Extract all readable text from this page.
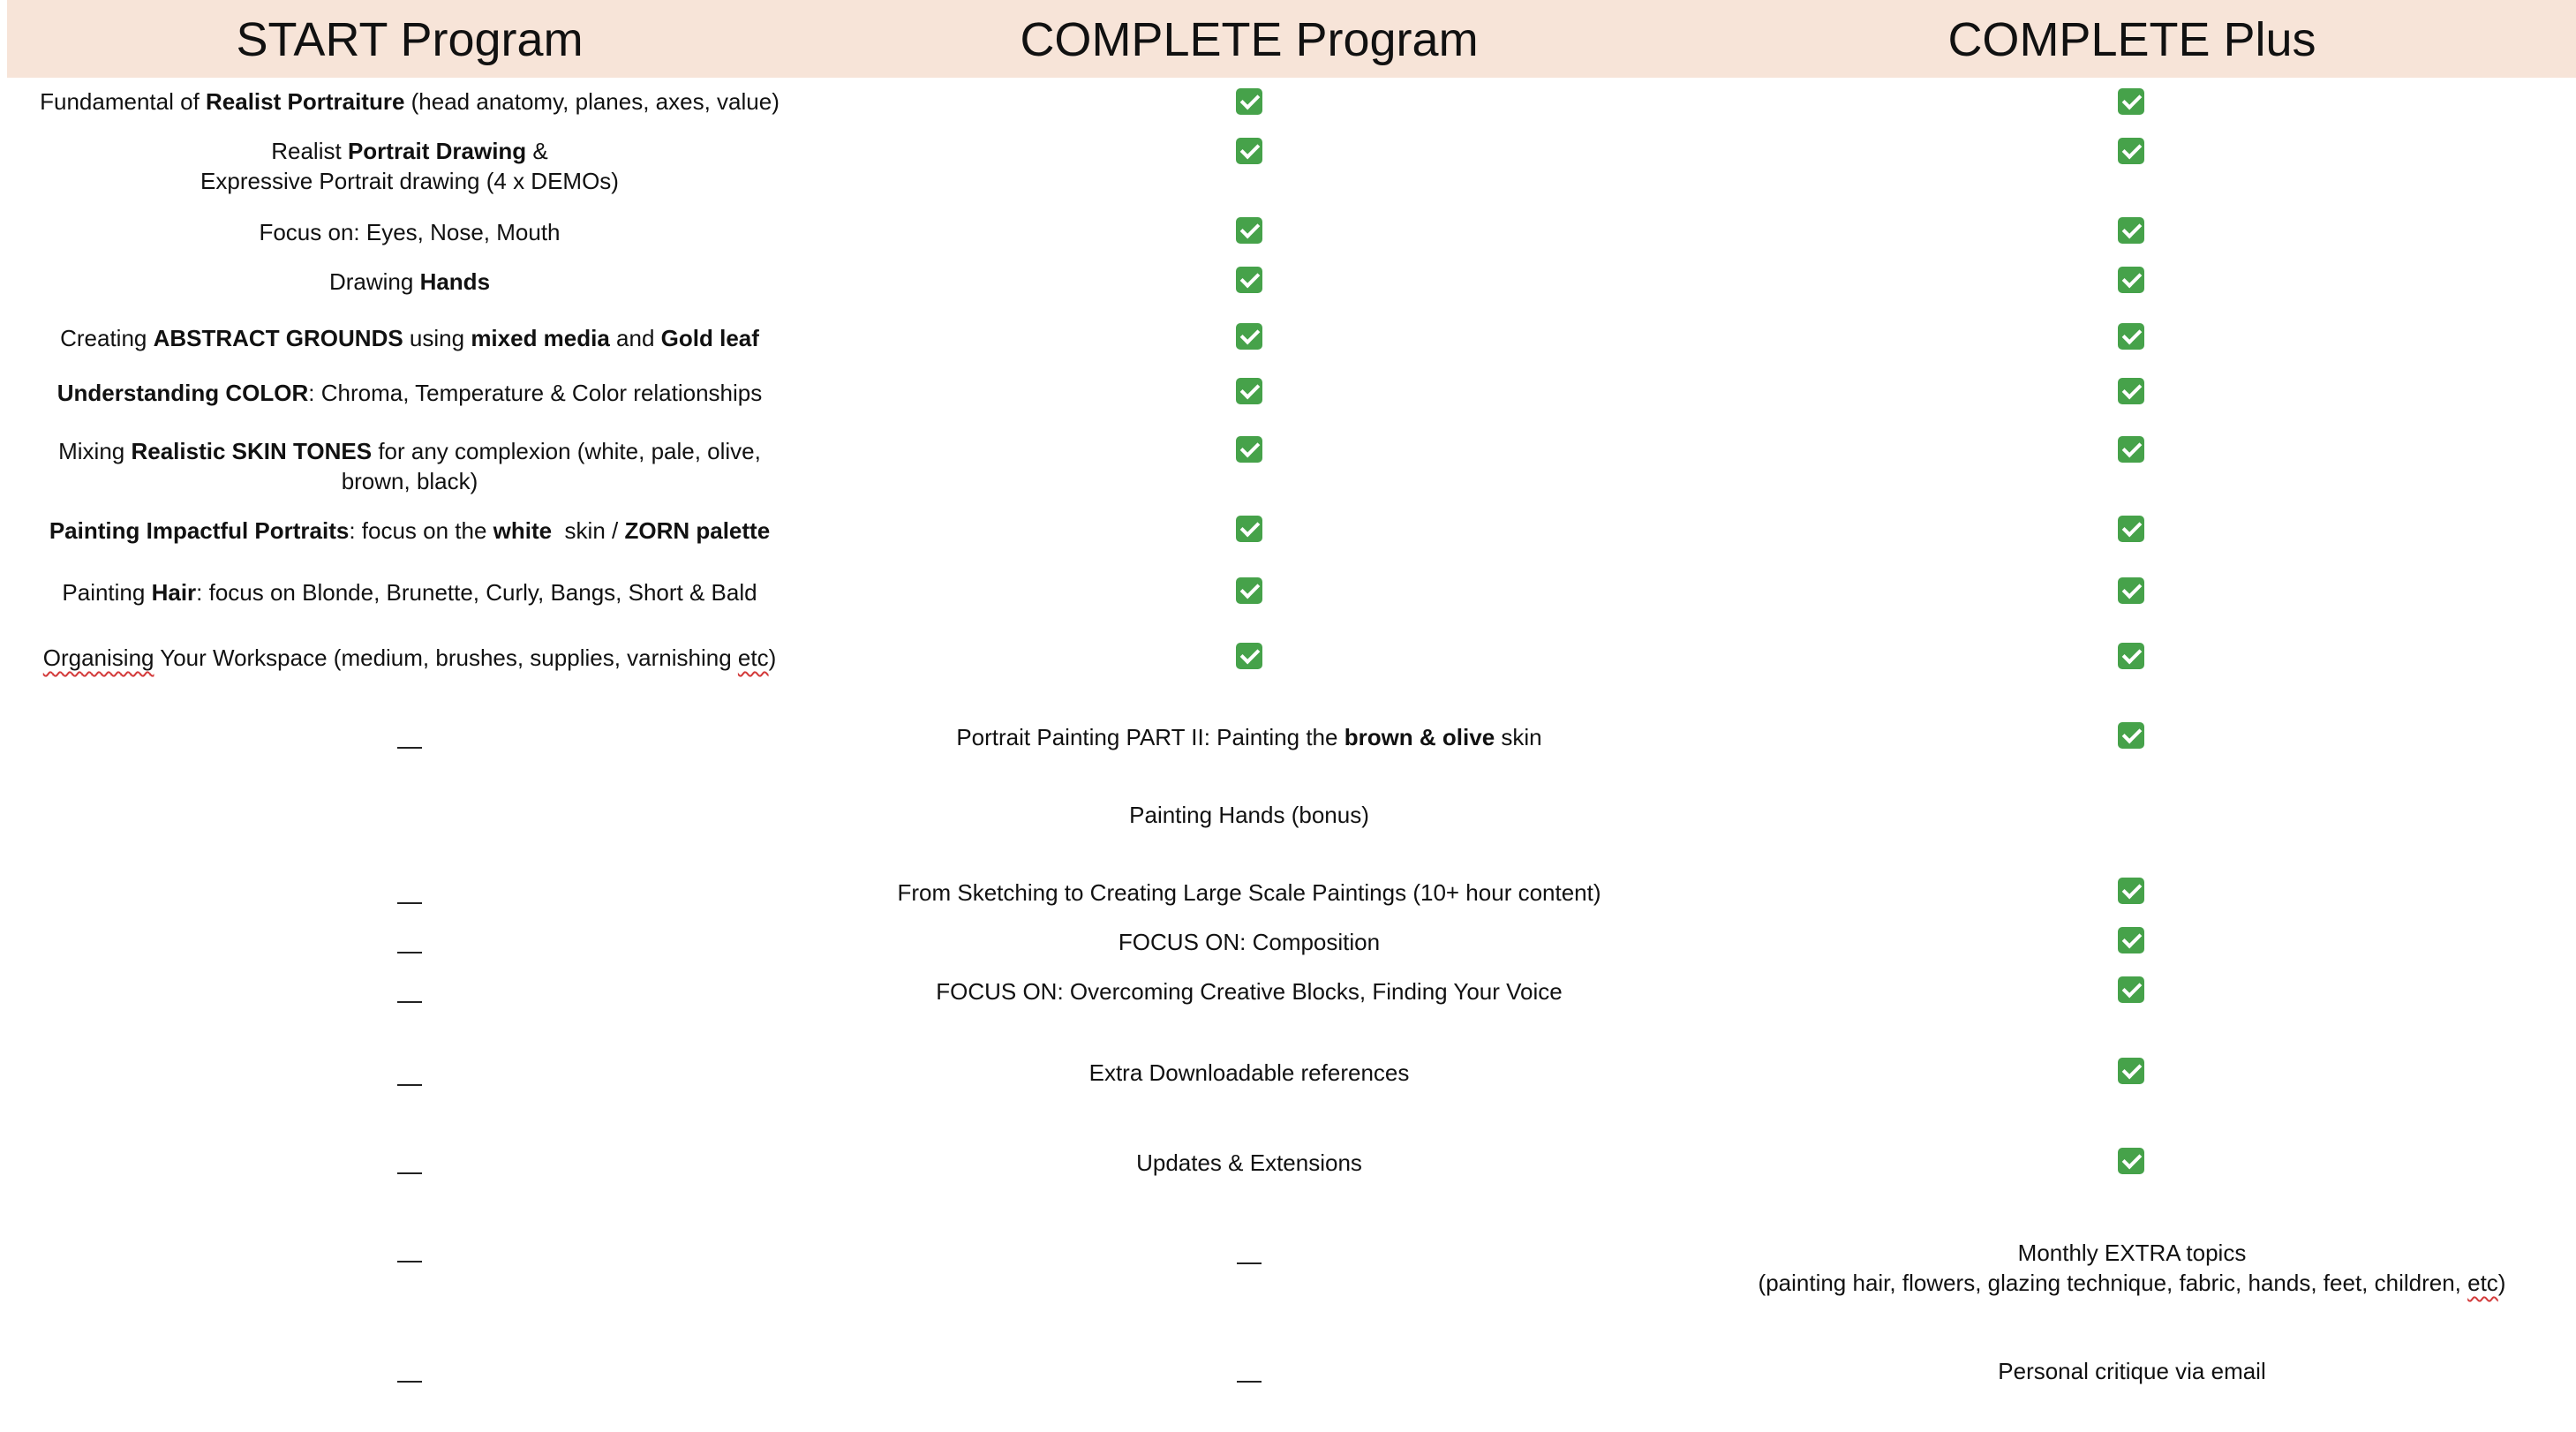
START Program	COMPLETE Program	COMPLETE Plus
Fundamental of Realist Portraiture (head anatomy, planes, axes, value)
Realist Portrait Drawing &
Expressive Portrait drawing (4 x DEMOs)
Focus on: Eyes, Nose, Mouth
Drawing Hands
Creating ABSTRACT GROUNDS using mixed media and Gold leaf
Understanding COLOR: Chroma, Temperature & Color relationships
Mixing Realistic SKIN TONES for any complexion (white, pale, olive,
brown, black)
Painting Impactful Portraits: focus on the white  skin / ZORN palette
Painting Hair: focus on Blonde, Brunette, Curly, Bangs, Short & Bald
Organising Your Workspace (medium, brushes, supplies, varnishing etc)
Portrait Painting PART II: Painting the brown & olive skin
Painting Hands (bonus)
From Sketching to Creating Large Scale Paintings (10+ hour content)
FOCUS ON: Composition
FOCUS ON: Overcoming Creative Blocks, Finding Your Voice
Extra Downloadable references
Updates & Extensions
Monthly EXTRA topics
(painting hair, flowers, glazing technique, fabric, hands, feet, children, etc)
Personal critique via email
